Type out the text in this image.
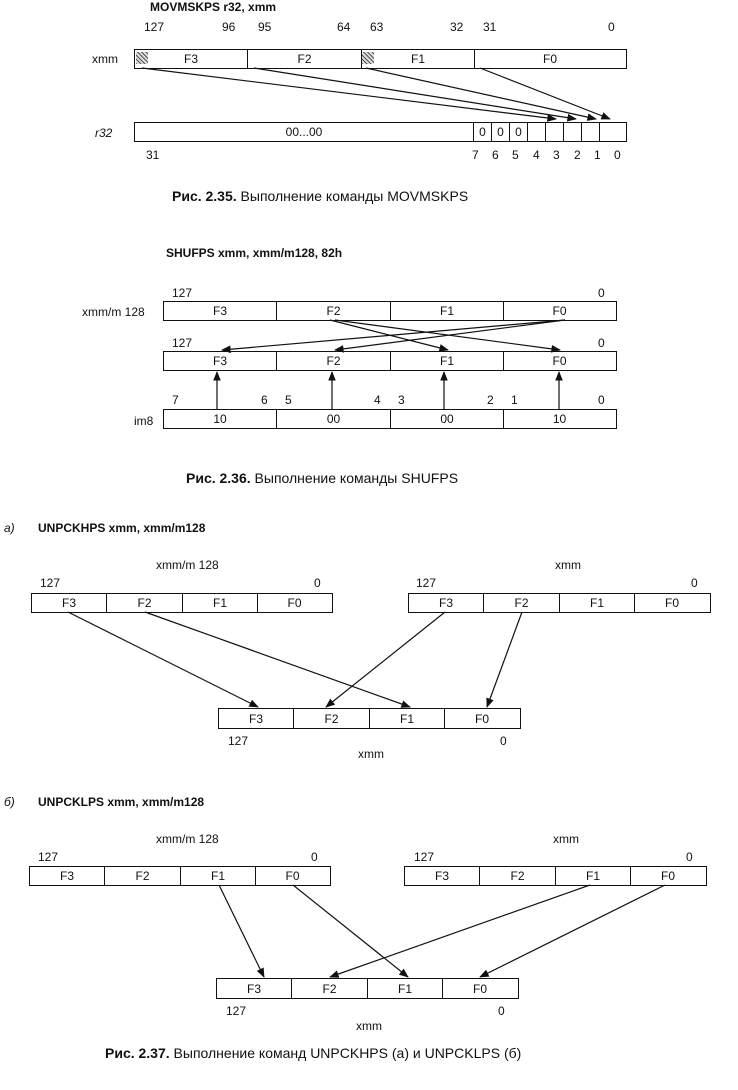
MOVMSKPS r32, xmm
127	96 95	64 63	32 31	0
xmm	F3	F2	F1	F0
r32	00...00	0 0 0
31	7 6 5 4 3 2 1 0
Рис. 2.35. Выполнение команды MOVMSKPS
SHUFPS xmm, xmm/m128, 82h
127	0
xmm/m 128	F3	F2	F1	F0
127	0
F3	F2	F1	F0
7	6 5	4 3	2 1	0
im8	10	00	00	10
Рис. 2.36. Выполнение команды SHUFPS
а) UNPCKHPS xmm, xmm/m128
xmm/m 128	xmm
127	0	127	0
F3	F2	F1	F0	F3	F2	F1	F0
F3	F2	F1	F0
127	0
xmm
б) UNPCKLPS xmm, xmm/m128
xmm/m 128	xmm
127	0	127	0
F3	F2	F1	F0	F3	F2	F1	F0
F3	F2	F1	F0
127	0
xmm
Рис. 2.37. Выполнение команд UNPCKHPS (а) и UNPCKLPS (б)
